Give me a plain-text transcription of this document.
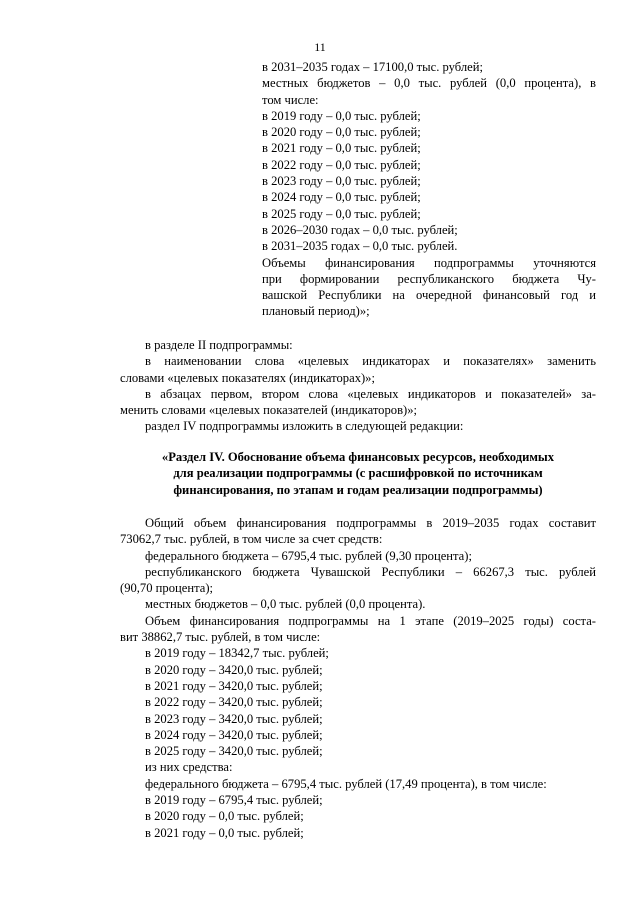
11
в 2031–2035 годах – 17100,0 тыс. рублей;
местных бюджетов – 0,0 тыс. рублей (0,0 процента), в
том числе:
в 2019 году – 0,0 тыс. рублей;
в 2020 году – 0,0 тыс. рублей;
в 2021 году – 0,0 тыс. рублей;
в 2022 году – 0,0 тыс. рублей;
в 2023 году – 0,0 тыс. рублей;
в 2024 году – 0,0 тыс. рублей;
в 2025 году – 0,0 тыс. рублей;
в 2026–2030 годах – 0,0 тыс. рублей;
в 2031–2035 годах – 0,0 тыс. рублей.
Объемы финансирования подпрограммы уточняются
при формировании республиканского бюджета Чу-
вашской Республики на очередной финансовый год и
плановый период)»;
в разделе II подпрограммы:
в наименовании слова «целевых индикаторах и показателях» заменить
словами «целевых показателях (индикаторах)»;
в абзацах первом, втором слова «целевых индикаторов и показателей» за-
менить словами «целевых показателей (индикаторов)»;
раздел IV подпрограммы изложить в следующей редакции:
«Раздел IV. Обоснование объема финансовых ресурсов, необходимых
для реализации подпрограммы (с расшифровкой по источникам
финансирования, по этапам и годам реализации подпрограммы)
Общий объем финансирования подпрограммы в 2019–2035 годах составит
73062,7 тыс. рублей, в том числе за счет средств:
федерального бюджета – 6795,4 тыс. рублей (9,30 процента);
республиканского бюджета Чувашской Республики – 66267,3 тыс. рублей
(90,70 процента);
местных бюджетов – 0,0 тыс. рублей (0,0 процента).
Объем финансирования подпрограммы на 1 этапе (2019–2025 годы) соста-
вит 38862,7 тыс. рублей, в том числе:
в 2019 году – 18342,7 тыс. рублей;
в 2020 году – 3420,0 тыс. рублей;
в 2021 году – 3420,0 тыс. рублей;
в 2022 году – 3420,0 тыс. рублей;
в 2023 году – 3420,0 тыс. рублей;
в 2024 году – 3420,0 тыс. рублей;
в 2025 году – 3420,0 тыс. рублей;
из них средства:
федерального бюджета – 6795,4 тыс. рублей (17,49 процента), в том числе:
в 2019 году – 6795,4 тыс. рублей;
в 2020 году – 0,0 тыс. рублей;
в 2021 году – 0,0 тыс. рублей;
